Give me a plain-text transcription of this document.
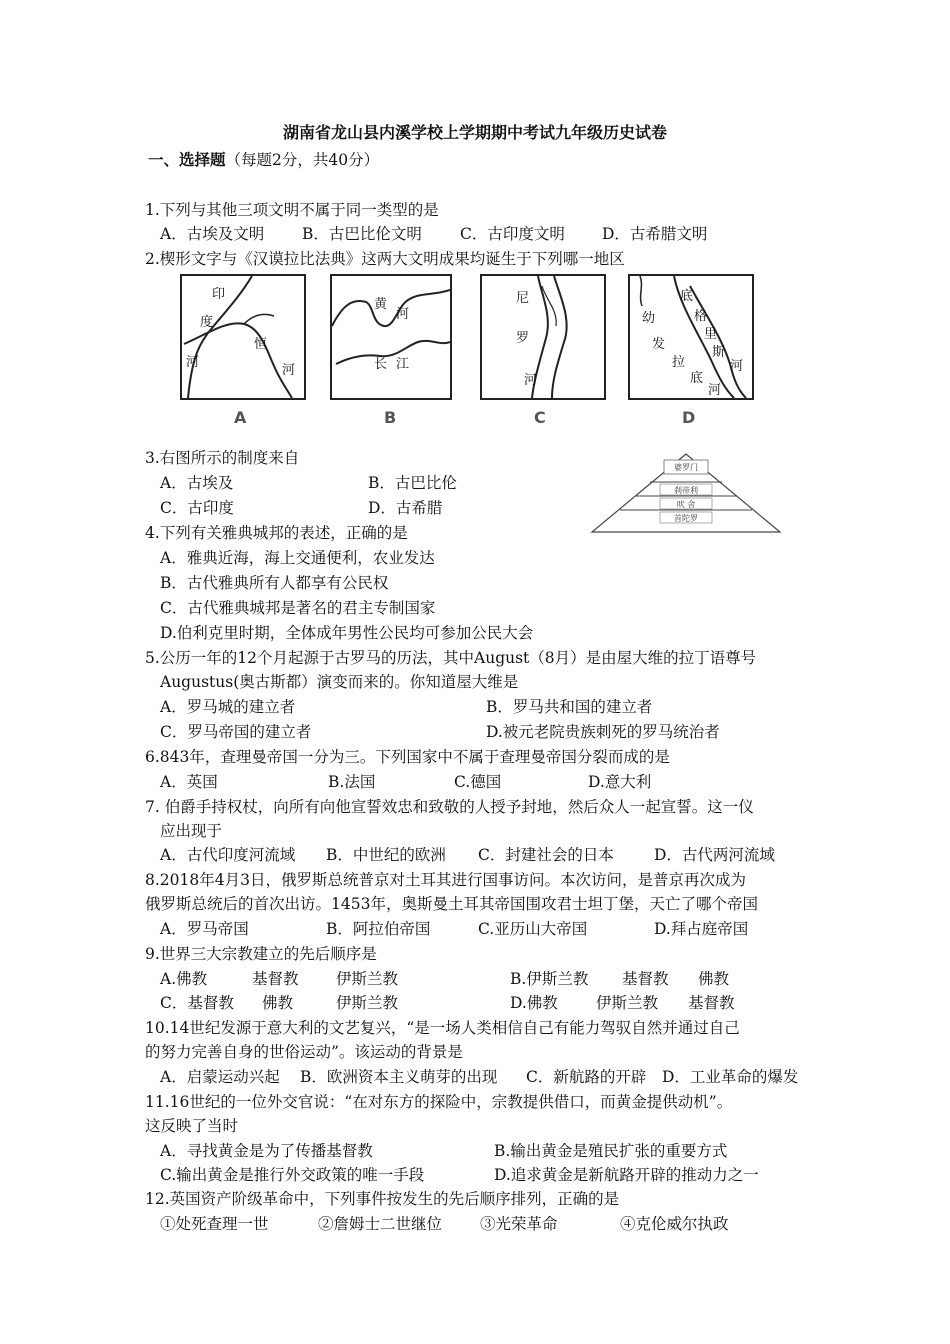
湖南省龙山县内溪学校上学期期中考试九年级历史试卷
一、选择题（每题2分，共40分）
1.下列与其他三项文明不属于同一类型的是
A．古埃及文明 B．古巴比伦文明 C．古印度文明 D．古希腊文明
2.楔形文字与《汉谟拉比法典》这两大文明成果均诞生于下列哪一地区
印
度
河
恒
河
A
黄
河
长 江
B
尼
罗
河
C
底
格
里
斯
河
幼
发
拉
底
河
D
3.右图所示的制度来自
A．古埃及	B．古巴比伦
C．古印度	D．古希腊
婆罗门
刹帝利
吠 舍
首陀罗
4.下列有关雅典城邦的表述，正确的是
A．雅典近海，海上交通便利，农业发达
B．古代雅典所有人都享有公民权
C．古代雅典城邦是著名的君主专制国家
D.伯利克里时期，全体成年男性公民均可参加公民大会
5.公历一年的12个月起源于古罗马的历法，其中August（8月）是由屋大维的拉丁语尊号
Augustus(奥古斯都）演变而来的。你知道屋大维是
A．罗马城的建立者	B．罗马共和国的建立者
C．罗马帝国的建立者	D.被元老院贵族刺死的罗马统治者
6.843年，查理曼帝国一分为三。下列国家中不属于查理曼帝国分裂而成的是
A．英国	B.法国	C.德国	D.意大利
7. 伯爵手持权杖，向所有向他宣誓效忠和致敬的人授予封地，然后众人一起宣誓。这一仪
应出现于
A．古代印度河流域 B．中世纪的欧洲 C．封建社会的日本	D．古代两河流域
8.2018年4月3日，俄罗斯总统普京对土耳其进行国事访问。本次访问，是普京再次成为
俄罗斯总统后的首次出访。1453年，奥斯曼土耳其帝国围攻君士坦丁堡，天亡了哪个帝国
A．罗马帝国	B．阿拉伯帝国	C.亚历山大帝国	D.拜占庭帝国
9.世界三大宗教建立的先后顺序是
A.佛教	基督教 伊斯兰教	B.伊斯兰教 基督教 佛教
C．基督教 佛教	伊斯兰教	D.佛教 伊斯兰教 基督教
10.14世纪发源于意大利的文艺复兴，“是一场人类相信自己有能力驾驭自然并通过自己
的努力完善自身的世俗运动”。该运动的背景是
A．启蒙运动兴起 B．欧洲资本主义萌芽的出现 C．新航路的开辟 D．工业革命的爆发
11.16世纪的一位外交官说：“在对东方的探险中，宗教提供借口，而黄金提供动机”。
这反映了当时
A．寻找黄金是为了传播基督教	B.输出黄金是殖民扩张的重要方式
C.输出黄金是推行外交政策的唯一手段	D.追求黄金是新航路开辟的推动力之一
12.英国资产阶级革命中，下列事件按发生的先后顺序排列，正确的是
①处死查理一世	②詹姆士二世继位 ③光荣革命	④克伦威尔执政
